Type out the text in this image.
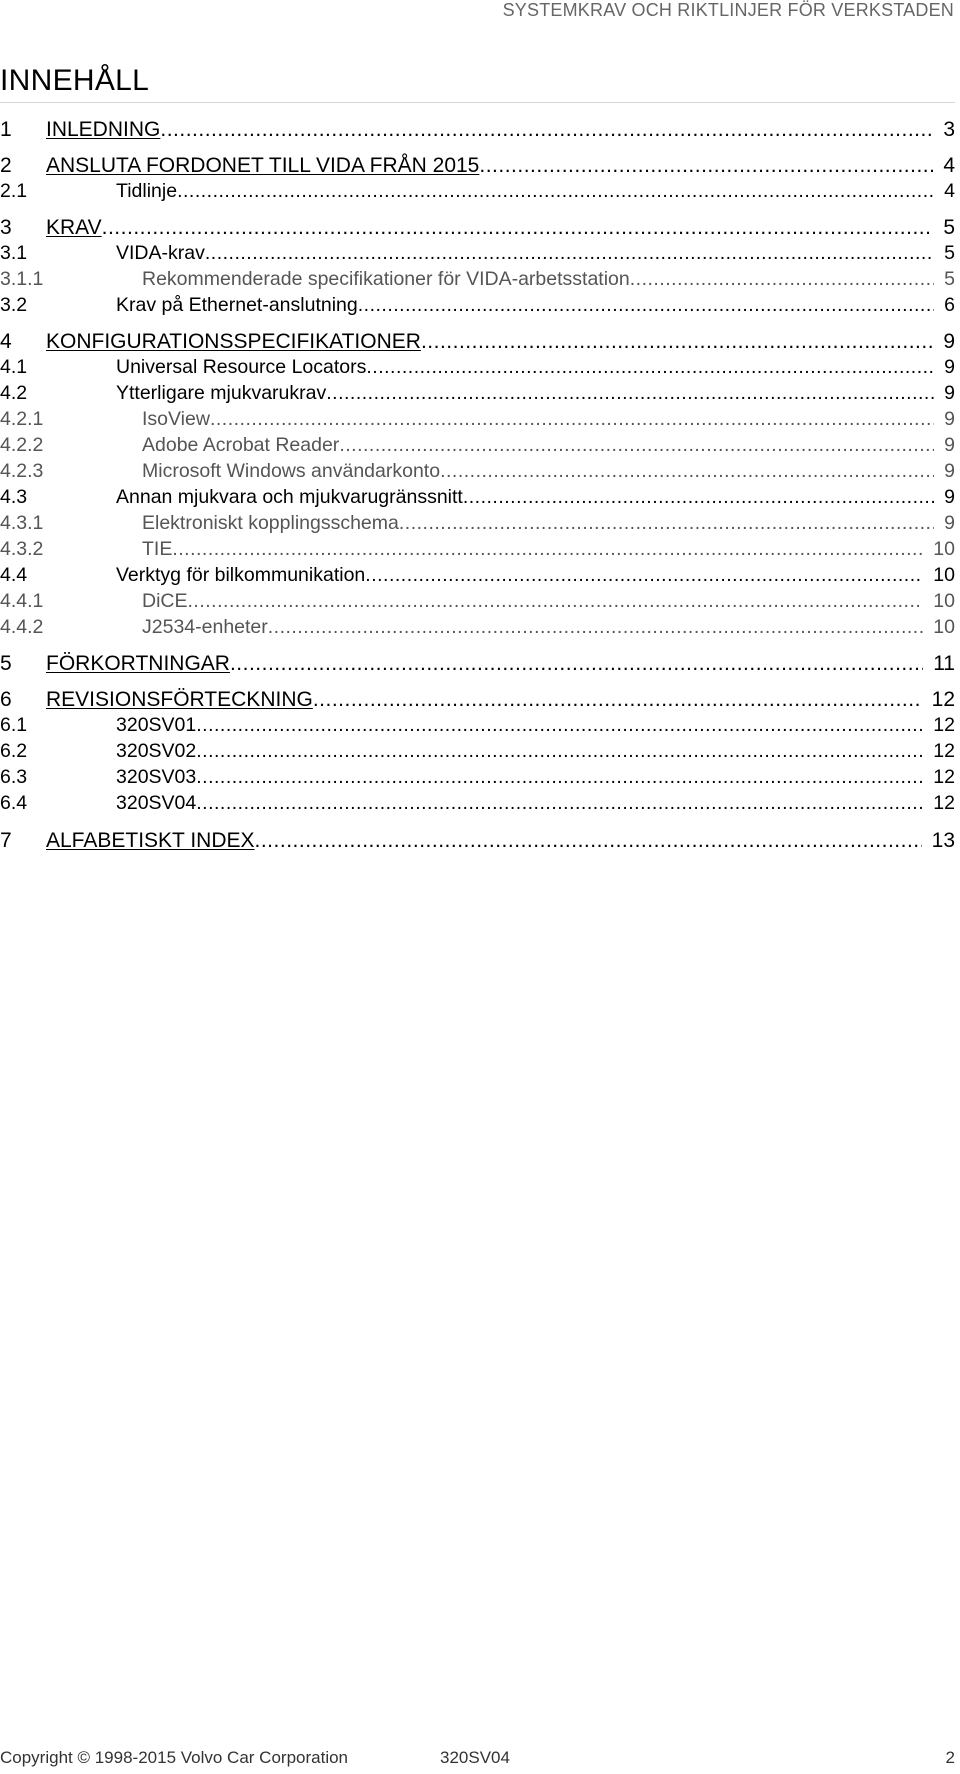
SYSTEMKRAV OCH RIKTLINJER FÖR VERKSTADEN
INNEHÅLL
1	INLEDNING .....	3
2	ANSLUTA FORDONET TILL VIDA FRÅN 2015 .....	4
2.1	Tidlinje .....	4
3	KRAV .....	5
3.1	VIDA-krav .....	5
3.1.1	Rekommenderade specifikationer för VIDA-arbetsstation .....	5
3.2	Krav på Ethernet-anslutning .....	6
4	KONFIGURATIONSSPECIFIKATIONER .....	9
4.1	Universal Resource Locators .....	9
4.2	Ytterligare mjukvarukrav .....	9
4.2.1	IsoView .....	9
4.2.2	Adobe Acrobat Reader .....	9
4.2.3	Microsoft Windows användarkonto .....	9
4.3	Annan mjukvara och mjukvarugränssnitt .....	9
4.3.1	Elektroniskt kopplingsschema .....	9
4.3.2	TIE .....	10
4.4	Verktyg för bilkommunikation .....	10
4.4.1	DiCE .....	10
4.4.2	J2534-enheter .....	10
5	FÖRKORTNINGAR .....	11
6	REVISIONSFÖRTECKNING .....	12
6.1	320SV01 .....	12
6.2	320SV02 .....	12
6.3	320SV03 .....	12
6.4	320SV04 .....	12
7	ALFABETISKT INDEX .....	13
Copyright © 1998-2015 Volvo Car Corporation	320SV04	2
